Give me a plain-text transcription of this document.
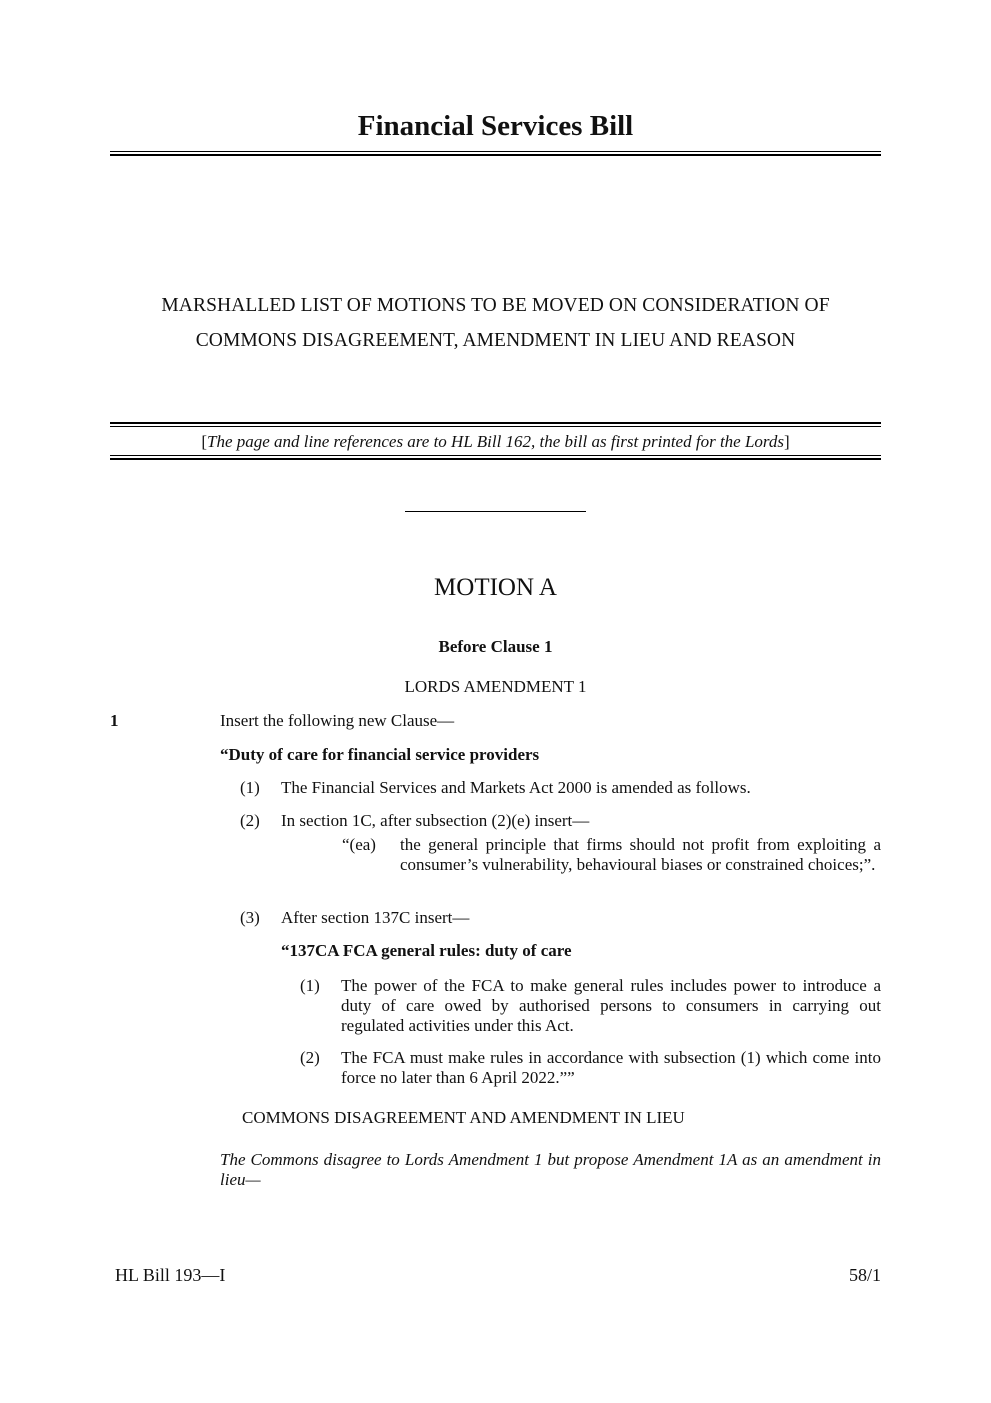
Financial Services Bill
MARSHALLED LIST OF MOTIONS TO BE MOVED ON CONSIDERATION OF
COMMONS DISAGREEMENT, AMENDMENT IN LIEU AND REASON
[The page and line references are to HL Bill 162, the bill as first printed for the Lords]
MOTION A
Before Clause 1
LORDS AMENDMENT 1
1	Insert the following new Clause—
“Duty of care for financial service providers
(1) The Financial Services and Markets Act 2000 is amended as follows.
(2) In section 1C, after subsection (2)(e) insert—
“(ea) the general principle that firms should not profit from exploiting a consumer’s vulnerability, behavioural biases or constrained choices;”.
(3) After section 137C insert—
“137CA FCA general rules: duty of care
(1) The power of the FCA to make general rules includes power to introduce a duty of care owed by authorised persons to consumers in carrying out regulated activities under this Act.
(2) The FCA must make rules in accordance with subsection (1) which come into force no later than 6 April 2022.””
COMMONS DISAGREEMENT AND AMENDMENT IN LIEU
The Commons disagree to Lords Amendment 1 but propose Amendment 1A as an amendment in lieu—
HL Bill 193—I	58/1
